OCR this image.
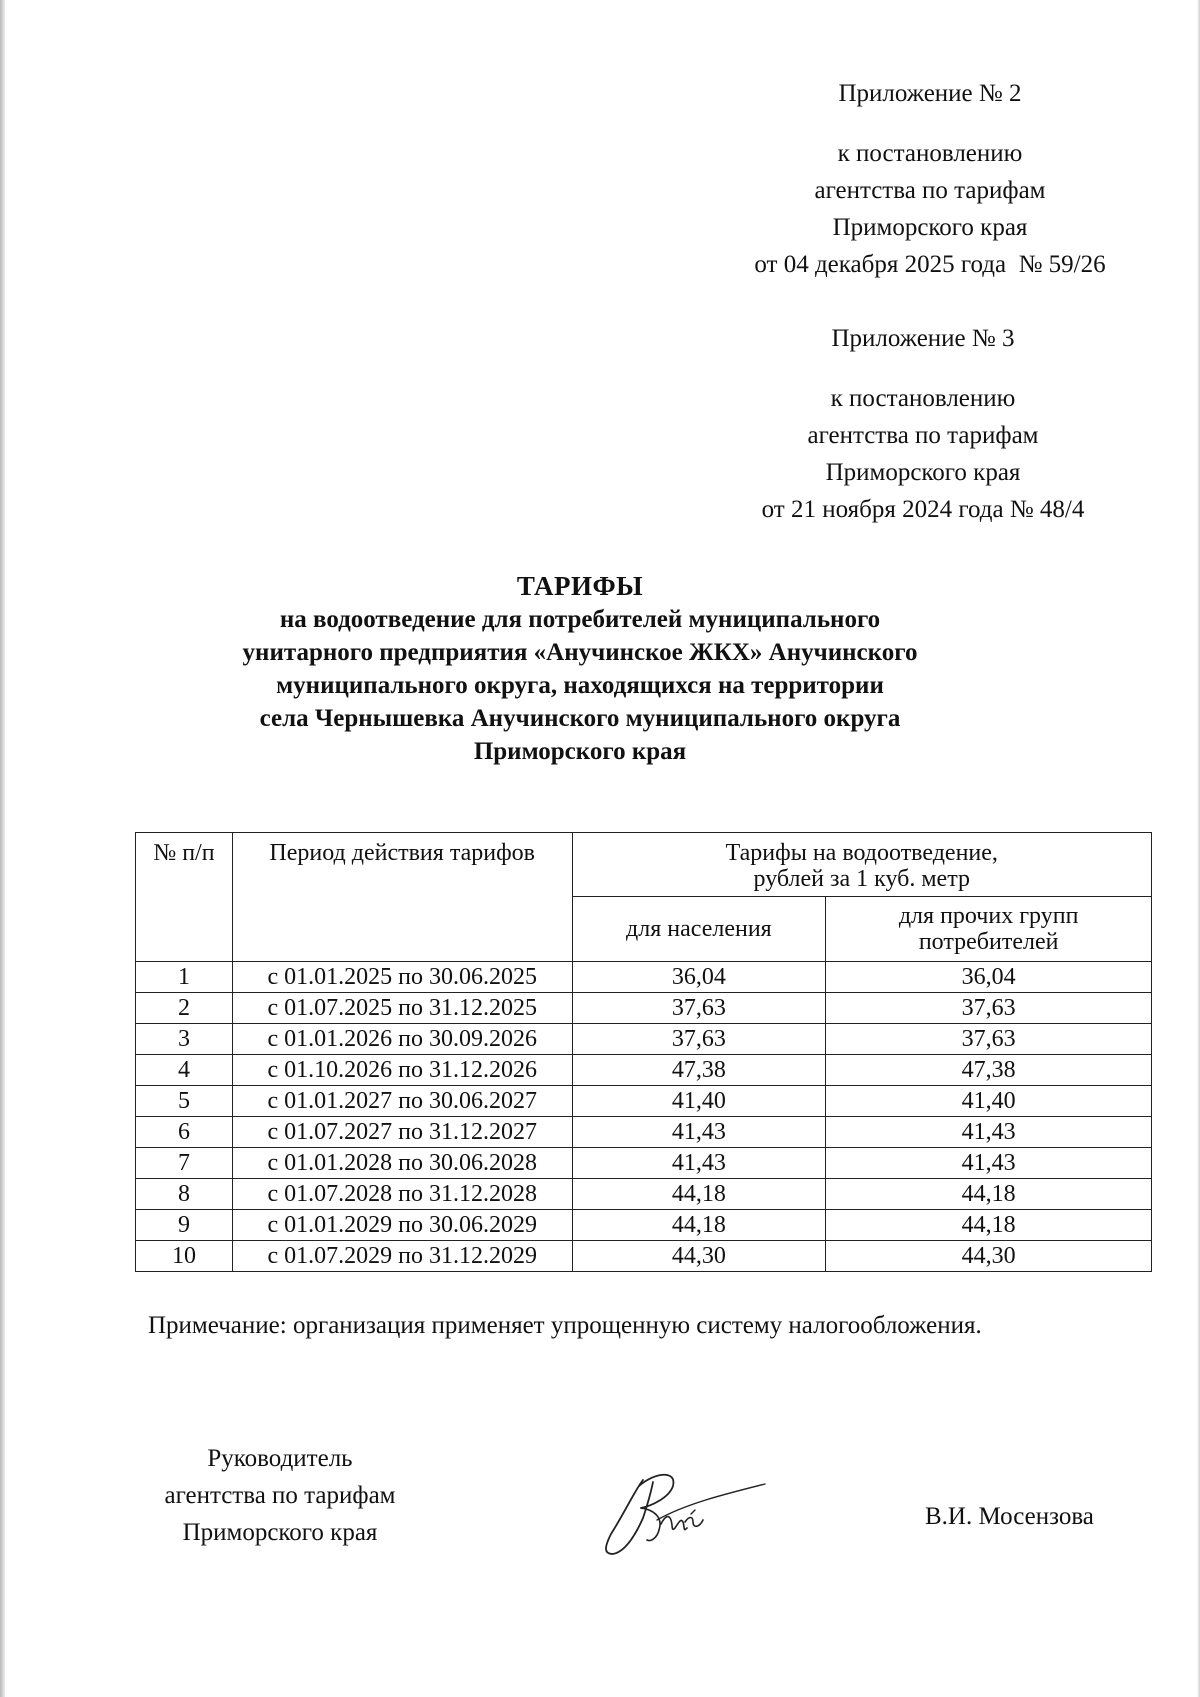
Приложение № 2
к постановлению
агентства по тарифам
Приморского края
от 04 декабря 2025 года  № 59/26
Приложение № 3
к постановлению
агентства по тарифам
Приморского края
от 21 ноября 2024 года № 48/4
ТАРИФЫ
на водоотведение для потребителей муниципального
унитарного предприятия «Анучинское ЖКХ» Анучинского
муниципального округа, находящихся на территории
села Чернышевка Анучинского муниципального округа
Приморского края
№ п/п	Период действия тарифов	Тарифы на водоотведение,
рублей за 1 куб. метр	
		для населения	для прочих групп
потребителей
1	с 01.01.2025 по 30.06.2025	36,04	36,04
2	с 01.07.2025 по 31.12.2025	37,63	37,63
3	с 01.01.2026 по 30.09.2026	37,63	37,63
4	с 01.10.2026 по 31.12.2026	47,38	47,38
5	с 01.01.2027 по 30.06.2027	41,40	41,40
6	с 01.07.2027 по 31.12.2027	41,43	41,43
7	с 01.01.2028 по 30.06.2028	41,43	41,43
8	с 01.07.2028 по 31.12.2028	44,18	44,18
9	с 01.01.2029 по 30.06.2029	44,18	44,18
10	с 01.07.2029 по 31.12.2029	44,30	44,30
Примечание: организация применяет упрощенную систему налогообложения.
Руководитель
агентства по тарифам
Приморского края
В.И. Мосензова
